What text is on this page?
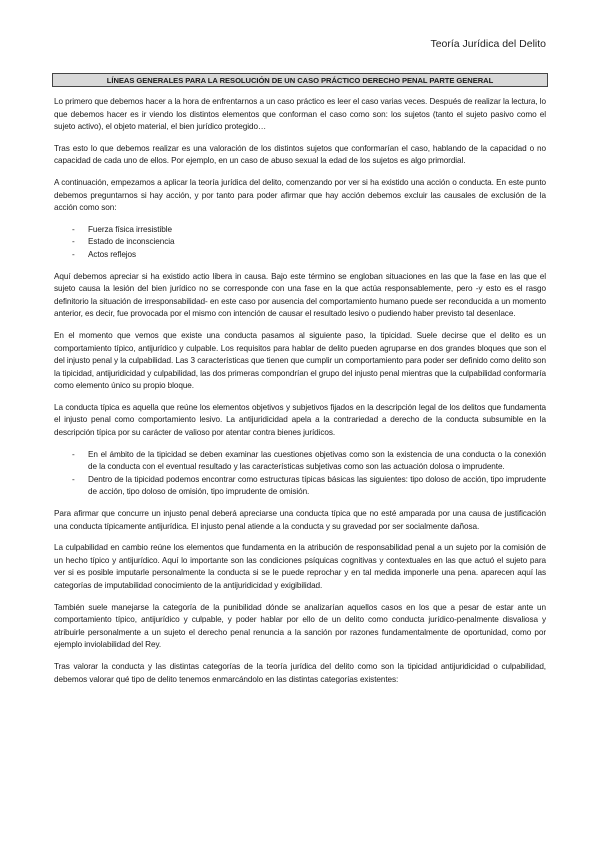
Teoría Jurídica del Delito
LÍNEAS GENERALES PARA LA RESOLUCIÓN DE UN CASO PRÁCTICO DERECHO PENAL PARTE GENERAL

Lo primero que debemos hacer a la hora de enfrentarnos a un caso práctico es leer el caso varias veces. Después de realizar la lectura, lo que debemos hacer es ir viendo los distintos elementos que conforman el caso como son: los sujetos (tanto el sujeto pasivo como el sujeto activo), el objeto material, el bien jurídico protegido…

Tras esto lo que debemos realizar es una valoración de los distintos sujetos que conformarían el caso, hablando de la capacidad o no capacidad de cada uno de ellos. Por ejemplo, en un caso de abuso sexual la edad de los sujetos es algo primordial.

A continuación, empezamos a aplicar la teoría jurídica del delito, comenzando por ver si ha existido una acción o conducta. En este punto debemos preguntarnos si hay acción, y por tanto para poder afirmar que hay acción debemos excluir las causales de exclusión de la acción como son:

- Fuerza física irresistible
- Estado de inconsciencia
- Actos reflejos

Aquí debemos apreciar si ha existido actio libera in causa. Bajo este término se engloban situaciones en las que la fase en las que el sujeto causa la lesión del bien jurídico no se corresponde con una fase en la que actúa responsablemente, pero -y esto es el rasgo definitorio la situación de irresponsabilidad- en este caso por ausencia del comportamiento humano puede ser reconducida a un momento anterior, es decir, fue provocada por el mismo con intención de causar el resultado lesivo o pudiendo haber previsto tal desenlace.

En el momento que vemos que existe una conducta pasamos al siguiente paso, la tipicidad. Suele decirse que el delito es un comportamiento típico, antijurídico y culpable. Los requisitos para hablar de delito pueden agruparse en dos grandes bloques que son el del injusto penal y la culpabilidad. Las 3 características que tienen que cumplir un comportamiento para poder ser definido como delito son la tipicidad, antijuridicidad y culpabilidad, las dos primeras compondrían el grupo del injusto penal mientras que la culpabilidad conformaría como elemento único su propio bloque.

La conducta típica es aquella que reúne los elementos objetivos y subjetivos fijados en la descripción legal de los delitos que fundamenta el injusto penal como comportamiento lesivo. La antijuridicidad apela a la contrariedad a derecho de la conducta subsumible en la descripción típica por su carácter de valioso por atentar contra bienes jurídicos.

- En el ámbito de la tipicidad se deben examinar las cuestiones objetivas como son la existencia de una conducta o la conexión de la conducta con el eventual resultado y las características subjetivas como son las actuación dolosa o imprudente.
- Dentro de la tipicidad podemos encontrar como estructuras típicas básicas las siguientes: tipo doloso de acción, tipo imprudente de acción, tipo doloso de omisión, tipo imprudente de omisión.

Para afirmar que concurre un injusto penal deberá apreciarse una conducta típica que no esté amparada por una causa de justificación una conducta típicamente antijurídica. El injusto penal atiende a la conducta y su gravedad por ser socialmente dañosa.

La culpabilidad en cambio reúne los elementos que fundamenta en la atribución de responsabilidad penal a un sujeto por la comisión de un hecho típico y antijurídico. Aquí lo importante son las condiciones psíquicas cognitivas y contextuales en las que actuó el sujeto para ver si es posible imputarle personalmente la conducta si se le puede reprochar y en tal medida imponerle una pena. aparecen aquí las categorías de imputabilidad conocimiento de la antijuridicidad y exigibilidad.

También suele manejarse la categoría de la punibilidad dónde se analizarían aquellos casos en los que a pesar de estar ante un comportamiento típico, antijurídico y culpable, y poder hablar por ello de un delito como conducta jurídico-penalmente disvaliosa y atribuirle personalmente a un sujeto el derecho penal renuncia a la sanción por razones fundamentalmente de oportunidad, como por ejemplo inviolabilidad del Rey.

Tras valorar la conducta y las distintas categorías de la teoría jurídica del delito como son la tipicidad antijuridicidad o culpabilidad, debemos valorar qué tipo de delito tenemos enmarcándolo en las distintas categorías existentes:
